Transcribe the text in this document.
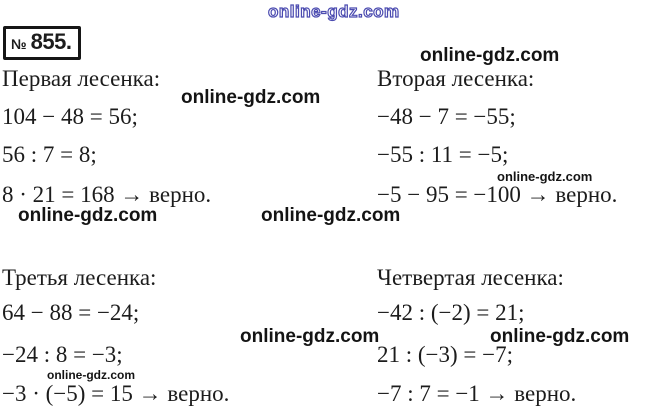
online-gdz.com
№ 855.
online-gdz.com
online-gdz.com
online-gdz.com
online-gdz.com	online-gdz.com
online-gdz.com	online-gdz.com
online-gdz.com
Первая лесенка:
104 − 48 = 56;
56 : 7 = 8;
8 · 21 = 168 → верно.
Вторая лесенка:
−48 − 7 = −55;
−55 : 11 = −5;
−5 − 95 = −100 → верно.
Третья лесенка:
64 − 88 = −24;
−24 : 8 = −3;
−3 · (−5) = 15 → верно.
Четвертая лесенка:
−42 : (−2) = 21;
21 : (−3) = −7;
−7 : 7 = −1 → верно.
